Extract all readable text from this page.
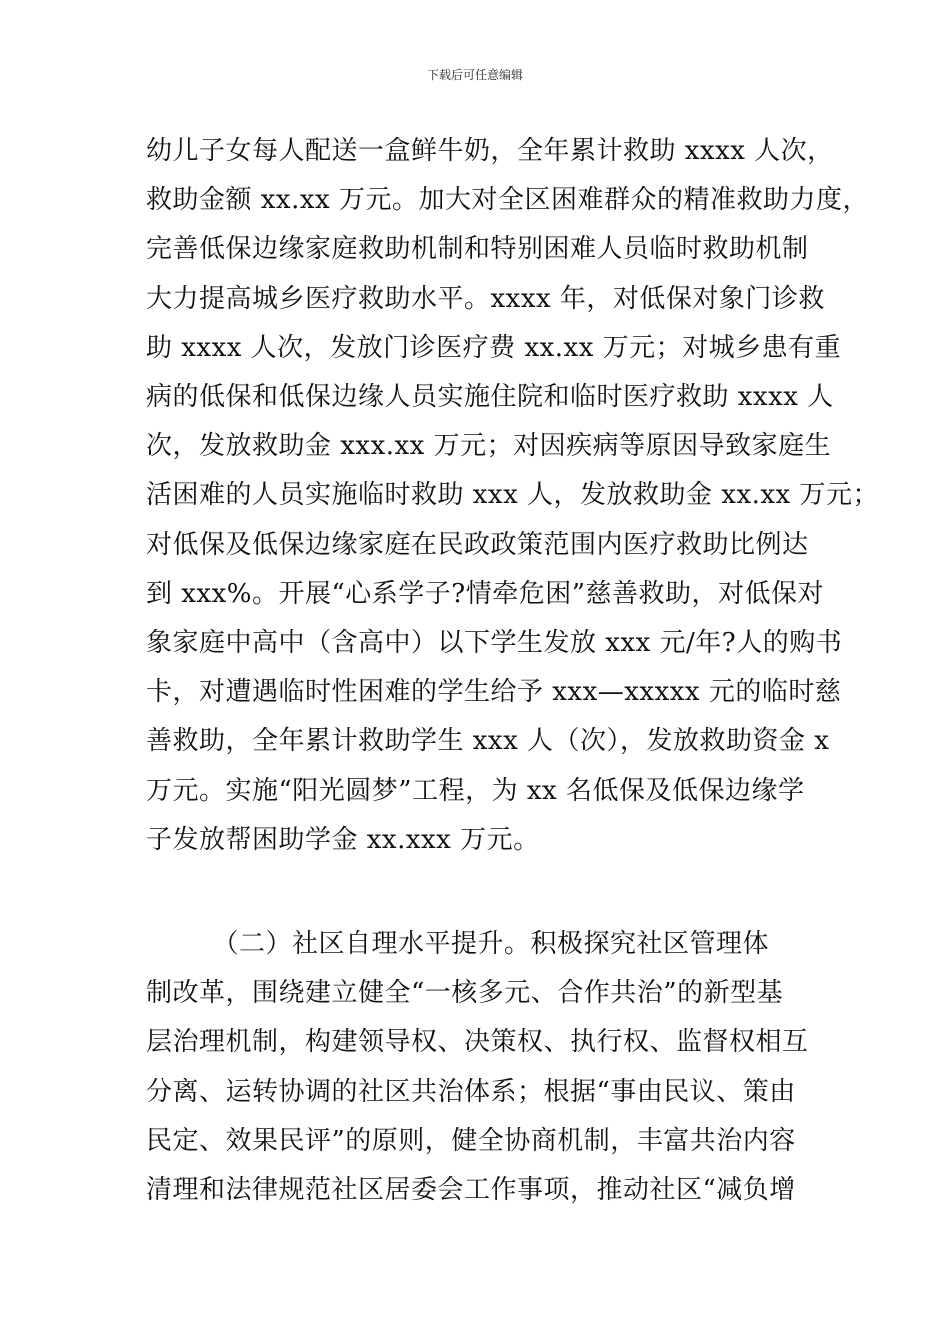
下载后可任意编辑

幼儿子女每人配送一盒鲜牛奶，全年累计救助 xxxx 人次，
救助金额 xx.xx 万元。加大对全区困难群众的精准救助力度，
完善低保边缘家庭救助机制和特别困难人员临时救助机制
大力提高城乡医疗救助水平。xxxx 年，对低保对象门诊救
助 xxxx 人次，发放门诊医疗费 xx.xx 万元；对城乡患有重
病的低保和低保边缘人员实施住院和临时医疗救助 xxxx 人
次，发放救助金 xxx.xx 万元；对因疾病等原因导致家庭生
活困难的人员实施临时救助 xxx 人，发放救助金 xx.xx 万元；
对低保及低保边缘家庭在民政政策范围内医疗救助比例达
到 xxx%。开展“心系学子?情牵危困”慈善救助，对低保对
象家庭中高中（含高中）以下学生发放 xxx 元/年?人的购书
卡，对遭遇临时性困难的学生给予 xxx—xxxxx 元的临时慈
善救助，全年累计救助学生 xxx 人（次），发放救助资金 x
万元。实施“阳光圆梦”工程，为 xx 名低保及低保边缘学
子发放帮困助学金 xx.xxx 万元。

　　　（二）社区自理水平提升。积极探究社区管理体
制改革，围绕建立健全“一核多元、合作共治”的新型基
层治理机制，构建领导权、决策权、执行权、监督权相互
分离、运转协调的社区共治体系；根据“事由民议、策由
民定、效果民评”的原则，健全协商机制，丰富共治内容
清理和法律规范社区居委会工作事项，推动社区“减负增
